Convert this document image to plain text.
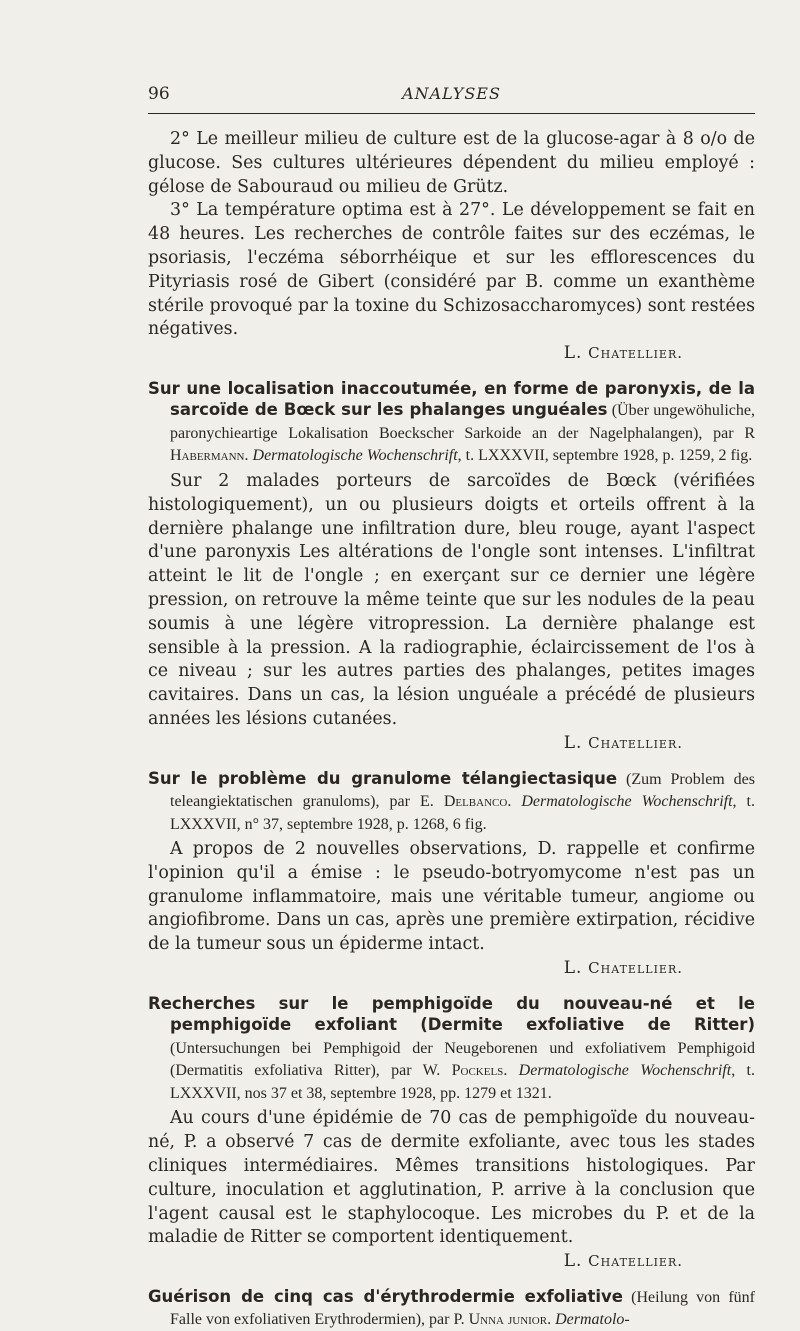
96	ANALYSES

2° Le meilleur milieu de culture est de la glucose-agar à 8 o/o de glucose. Ses cultures ultérieures dépendent du milieu employé : gélose de Sabouraud ou milieu de Grütz.

3° La température optima est à 27°. Le développement se fait en 48 heures. Les recherches de contrôle faites sur des eczémas, le psoriasis, l'eczéma séborrhéique et sur les efflorescences du Pityriasis rosé de Gibert (considéré par B. comme un exanthème stérile provoqué par la toxine du Schizosaccharomyces) sont restées négatives.

L. Chatellier.

Sur une localisation inaccoutumée, en forme de paronyxis, de la sarcoïde de Bœck sur les phalanges unguéales (Über ungewöhuliche, paronychieartige Lokalisation Boeckscher Sarkoide an der Nagelphalangen), par R Habermann. Dermatologische Wochenschrift, t. LXXXVII, septembre 1928, p. 1259, 2 fig.

Sur 2 malades porteurs de sarcoïdes de Bœck (vérifiées histologiquement), un ou plusieurs doigts et orteils offrent à la dernière phalange une infiltration dure, bleu rouge, ayant l'aspect d'une paronyxis Les altérations de l'ongle sont intenses. L'infiltrat atteint le lit de l'ongle ; en exerçant sur ce dernier une légère pression, on retrouve la même teinte que sur les nodules de la peau soumis à une légère vitropression. La dernière phalange est sensible à la pression. A la radiographie, éclaircissement de l'os à ce niveau ; sur les autres parties des phalanges, petites images cavitaires. Dans un cas, la lésion unguéale a précédé de plusieurs années les lésions cutanées.

L. Chatellier.

Sur le problème du granulome télangiectasique (Zum Problem des teleangiektatischen granuloms), par E. Delbanco. Dermatologische Wochenschrift, t. LXXXVII, n° 37, septembre 1928, p. 1268, 6 fig.

A propos de 2 nouvelles observations, D. rappelle et confirme l'opinion qu'il a émise : le pseudo-botryomycome n'est pas un granulome inflammatoire, mais une véritable tumeur, angiome ou angiofibrome. Dans un cas, après une première extirpation, récidive de la tumeur sous un épiderme intact.

L. Chatellier.

Recherches sur le pemphigoïde du nouveau-né et le pemphigoïde exfoliant (Dermite exfoliative de Ritter) (Untersuchungen bei Pemphigoid der Neugeborenen und exfoliativem Pemphigoid (Dermatitis exfoliativa Ritter), par W. Pockels. Dermatologische Wochenschrift, t. LXXXVII, nos 37 et 38, septembre 1928, pp. 1279 et 1321.

Au cours d'une épidémie de 70 cas de pemphigoïde du nouveau-né, P. a observé 7 cas de dermite exfoliante, avec tous les stades cliniques intermédiaires. Mêmes transitions histologiques. Par culture, inoculation et agglutination, P. arrive à la conclusion que l'agent causal est le staphylocoque. Les microbes du P. et de la maladie de Ritter se comportent identiquement.

L. Chatellier.

Guérison de cinq cas d'érythrodermie exfoliative (Heilung von fünf Falle von exfoliativen Erythrodermien), par P. Unna junior. Dermatolo-
